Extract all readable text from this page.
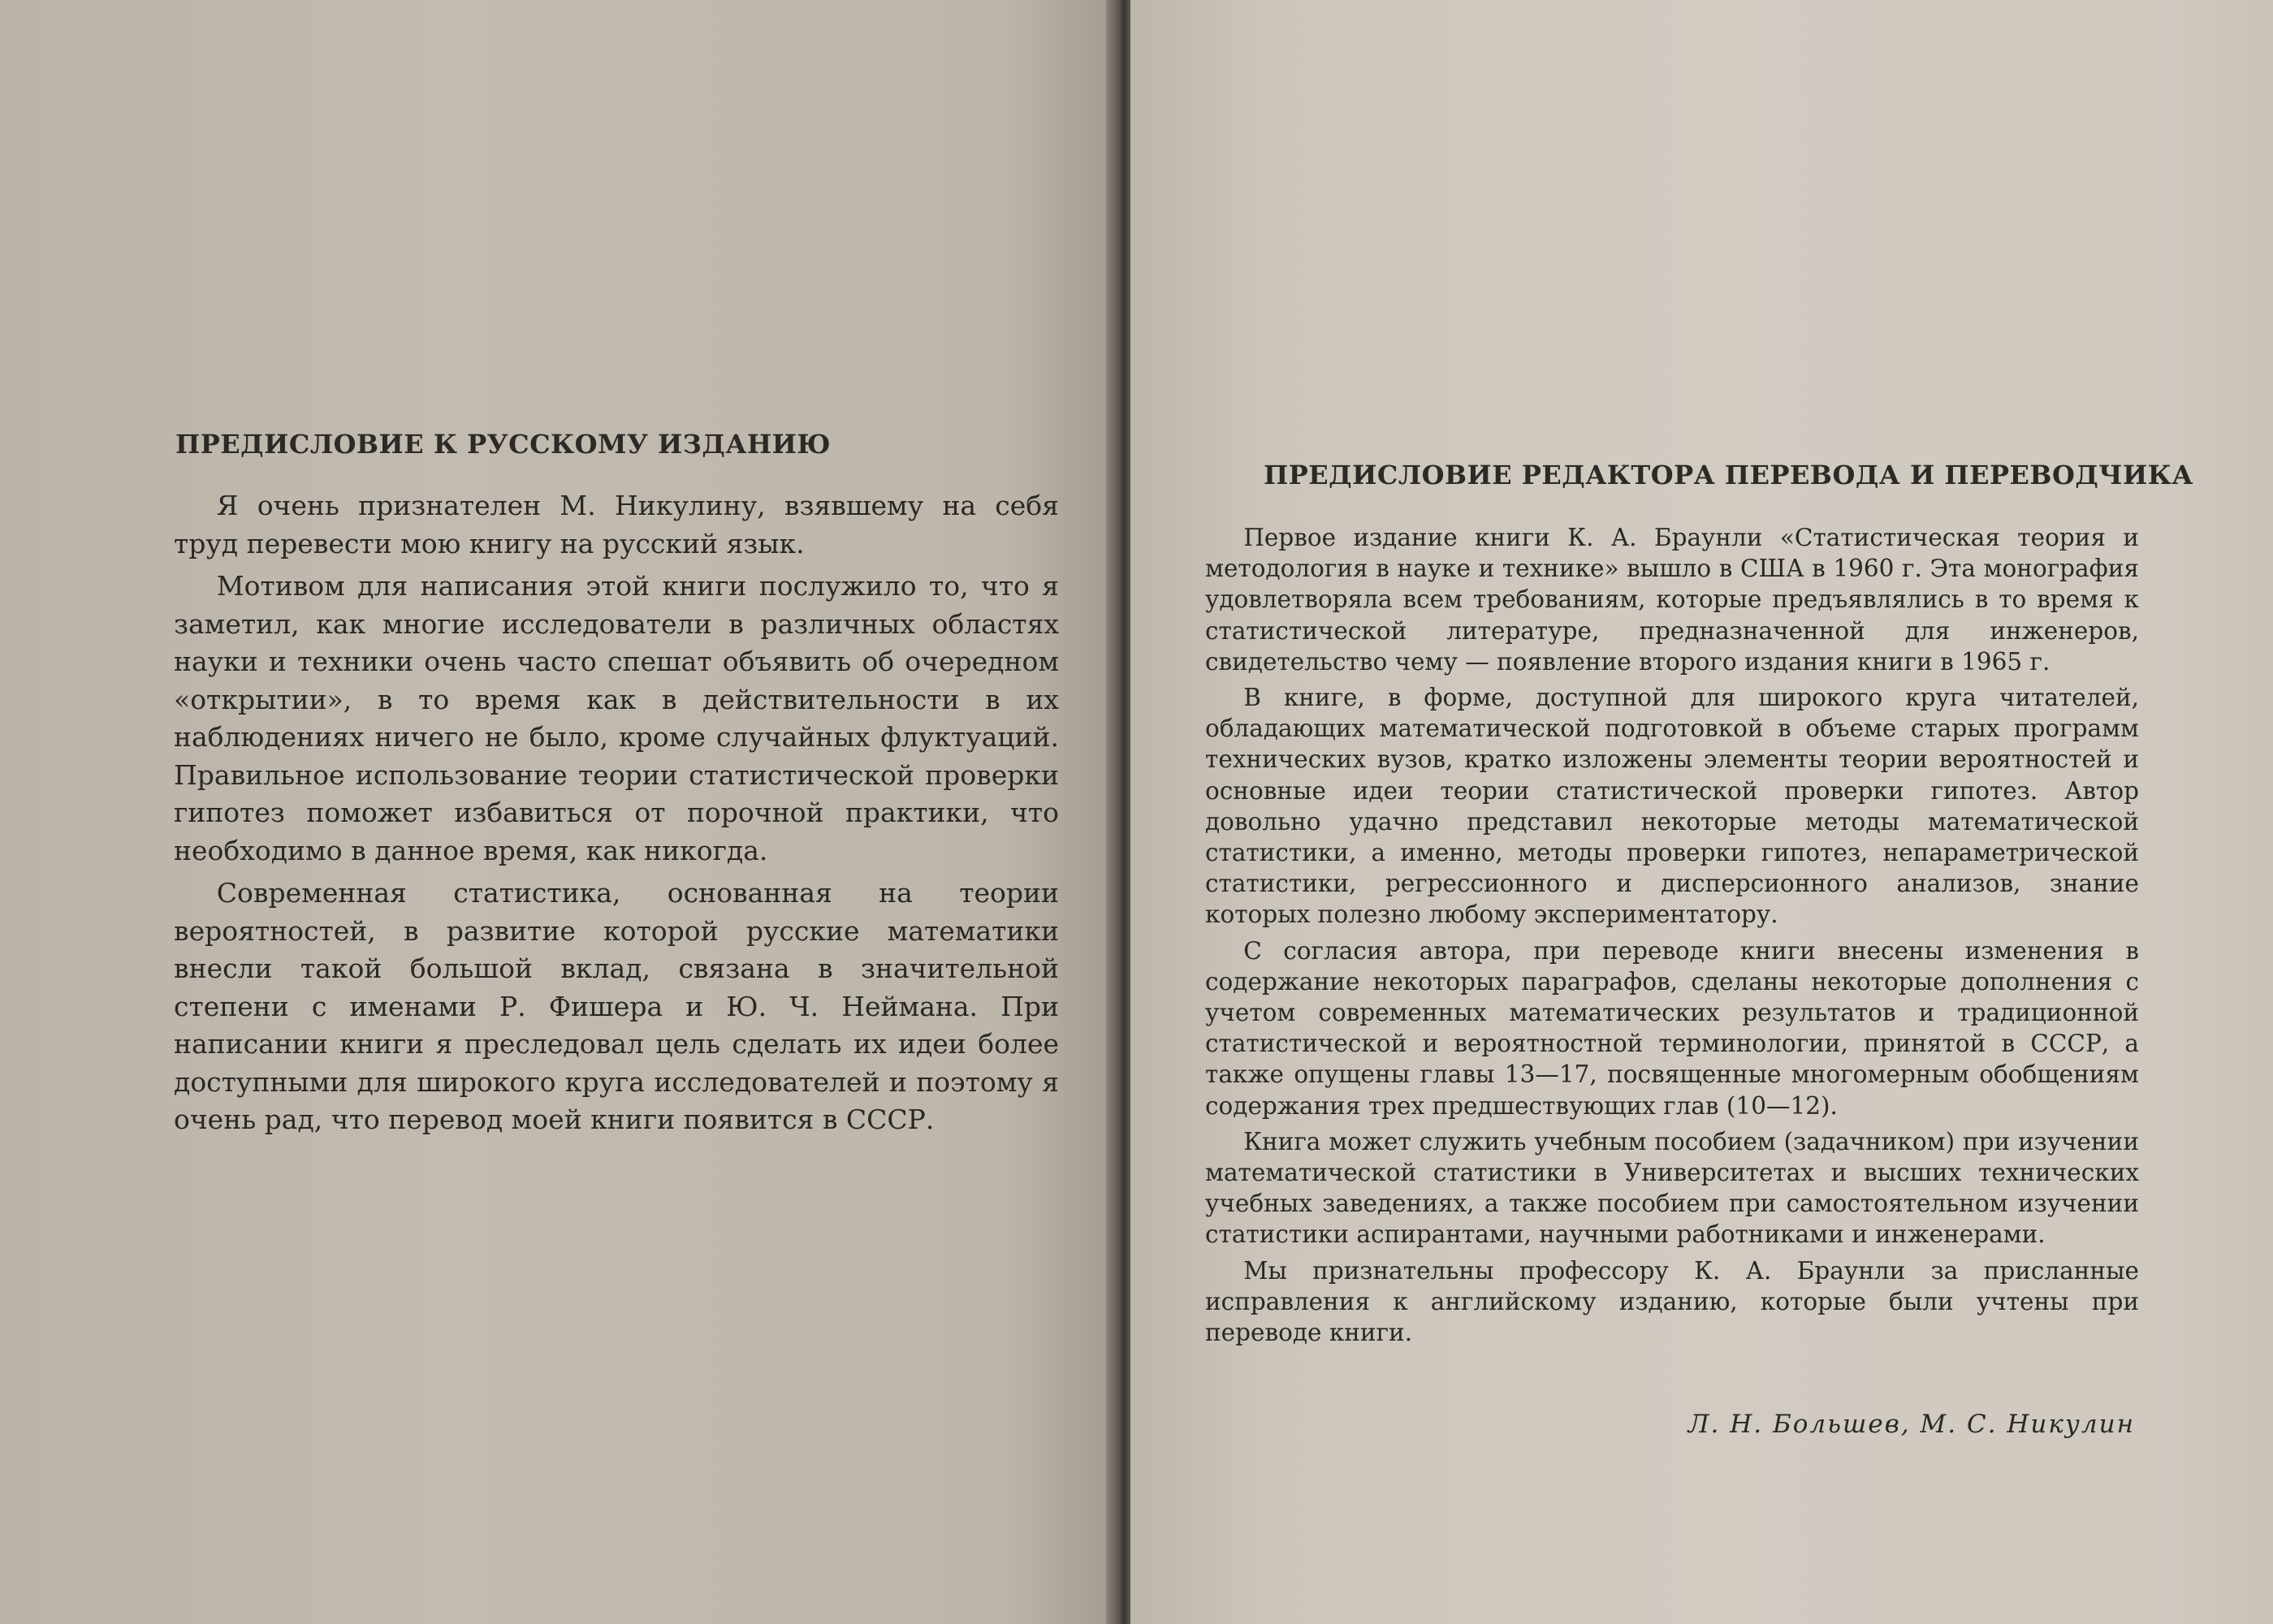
ПРЕДИСЛОВИЕ К РУССКОМУ ИЗДАНИЮ

Я очень признателен М. Никулину, взявшему на себя труд перевести мою книгу на русский язык.

Мотивом для написания этой книги послужило то, что я заметил, как многие исследователи в различных областях науки и техники очень часто спешат объявить об очередном «открытии», в то время как в действительности в их наблюдениях ничего не было, кроме случайных флуктуаций. Правильное использование теории статистической проверки гипотез поможет избавиться от порочной практики, что необходимо в данное время, как никогда.

Современная статистика, основанная на теории вероятностей, в развитие которой русские математики внесли такой большой вклад, связана в значительной степени с именами Р. Фишера и Ю. Ч. Неймана. При написании книги я преследовал цель сделать их идеи более доступными для широкого круга исследователей и поэтому я очень рад, что перевод моей книги появится в СССР.

ПРЕДИСЛОВИЕ РЕДАКТОРА ПЕРЕВОДА И ПЕРЕВОДЧИКА

Первое издание книги К. А. Браунли «Статистическая теория и методология в науке и технике» вышло в США в 1960 г. Эта монография удовлетворяла всем требованиям, которые предъявлялись в то время к статистической литературе, предназначенной для инженеров, свидетельство чему — появление второго издания книги в 1965 г.

В книге, в форме, доступной для широкого круга читателей, обладающих математической подготовкой в объеме старых программ технических вузов, кратко изложены элементы теории вероятностей и основные идеи теории статистической проверки гипотез. Автор довольно удачно представил некоторые методы математической статистики, а именно, методы проверки гипотез, непараметрической статистики, регрессионного и дисперсионного анализов, знание которых полезно любому экспериментатору.

С согласия автора, при переводе книги внесены изменения в содержание некоторых параграфов, сделаны некоторые дополнения с учетом современных математических результатов и традиционной статистической и вероятностной терминологии, принятой в СССР, а также опущены главы 13—17, посвященные многомерным обобщениям содержания трех предшествующих глав (10—12).

Книга может служить учебным пособием (задачником) при изучении математической статистики в Университетах и высших технических учебных заведениях, а также пособием при самостоятельном изучении статистики аспирантами, научными работниками и инженерами.

Мы признательны профессору К. А. Браунли за присланные исправления к английскому изданию, которые были учтены при переводе книги.

Л. Н. Большев, М. С. Никулин
